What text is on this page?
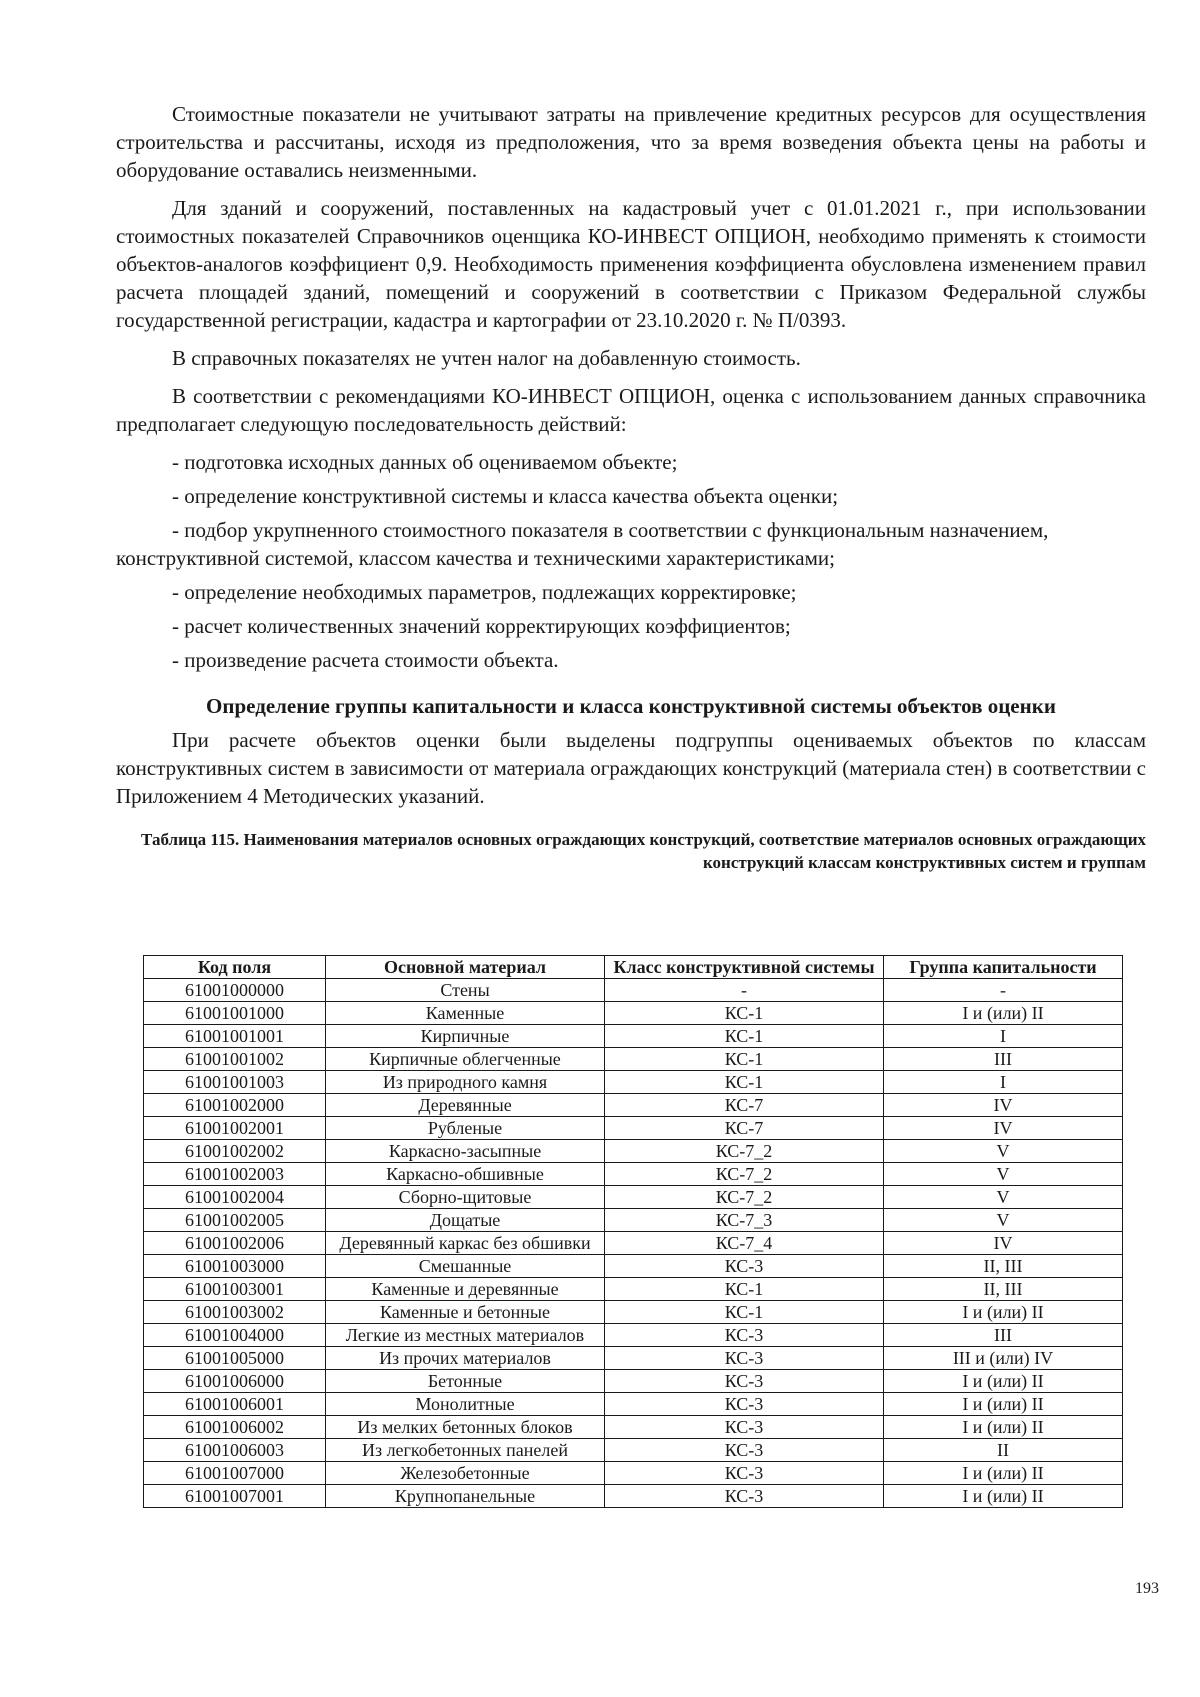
Стоимостные показатели не учитывают затраты на привлечение кредитных ресурсов для осуществления строительства и рассчитаны, исходя из предположения, что за время возведения объекта цены на работы и оборудование оставались неизменными.

Для зданий и сооружений, поставленных на кадастровый учет с 01.01.2021 г., при использовании стоимостных показателей Справочников оценщика КО-ИНВЕСТ ОПЦИОН, необходимо применять к стоимости объектов-аналогов коэффициент 0,9. Необходимость применения коэффициента обусловлена изменением правил расчета площадей зданий, помещений и сооружений в соответствии с Приказом Федеральной службы государственной регистрации, кадастра и картографии от 23.10.2020 г. № П/0393.

В справочных показателях не учтен налог на добавленную стоимость.

В соответствии с рекомендациями КО-ИНВЕСТ ОПЦИОН, оценка с использованием данных справочника предполагает следующую последовательность действий:

- подготовка исходных данных об оцениваемом объекте;

- определение конструктивной системы и класса качества объекта оценки;

- подбор укрупненного стоимостного показателя в соответствии с функциональным назначением, конструктивной системой, классом качества и техническими характеристиками;

- определение необходимых параметров, подлежащих корректировке;

- расчет количественных значений корректирующих коэффициентов;

- произведение расчета стоимости объекта.

Определение группы капитальности и класса конструктивной системы объектов оценки

При расчете объектов оценки были выделены подгруппы оцениваемых объектов по классам конструктивных систем в зависимости от материала ограждающих конструкций (материала стен) в соответствии с Приложением 4 Методических указаний.

Таблица 115. Наименования материалов основных ограждающих конструкций, соответствие материалов основных ограждающих конструкций классам конструктивных систем и группам
Код поля	Основной материал	Класс конструктивной системы	Группа капитальности
61001000000	Стены	-	-
61001001000	Каменные	КС-1	I и (или) II
61001001001	Кирпичные	КС-1	I
61001001002	Кирпичные облегченные	КС-1	III
61001001003	Из природного камня	КС-1	I
61001002000	Деревянные	КС-7	IV
61001002001	Рубленые	КС-7	IV
61001002002	Каркасно-засыпные	КС-7_2	V
61001002003	Каркасно-обшивные	КС-7_2	V
61001002004	Сборно-щитовые	КС-7_2	V
61001002005	Дощатые	КС-7_3	V
61001002006	Деревянный каркас без обшивки	КС-7_4	IV
61001003000	Смешанные	КС-3	II, III
61001003001	Каменные и деревянные	КС-1	II, III
61001003002	Каменные и бетонные	КС-1	I и (или) II
61001004000	Легкие из местных материалов	КС-3	III
61001005000	Из прочих материалов	КС-3	III и (или) IV
61001006000	Бетонные	КС-3	I и (или) II
61001006001	Монолитные	КС-3	I и (или) II
61001006002	Из мелких бетонных блоков	КС-3	I и (или) II
61001006003	Из легкобетонных панелей	КС-3	II
61001007000	Железобетонные	КС-3	I и (или) II
61001007001	Крупнопанельные	КС-3	I и (или) II
193
